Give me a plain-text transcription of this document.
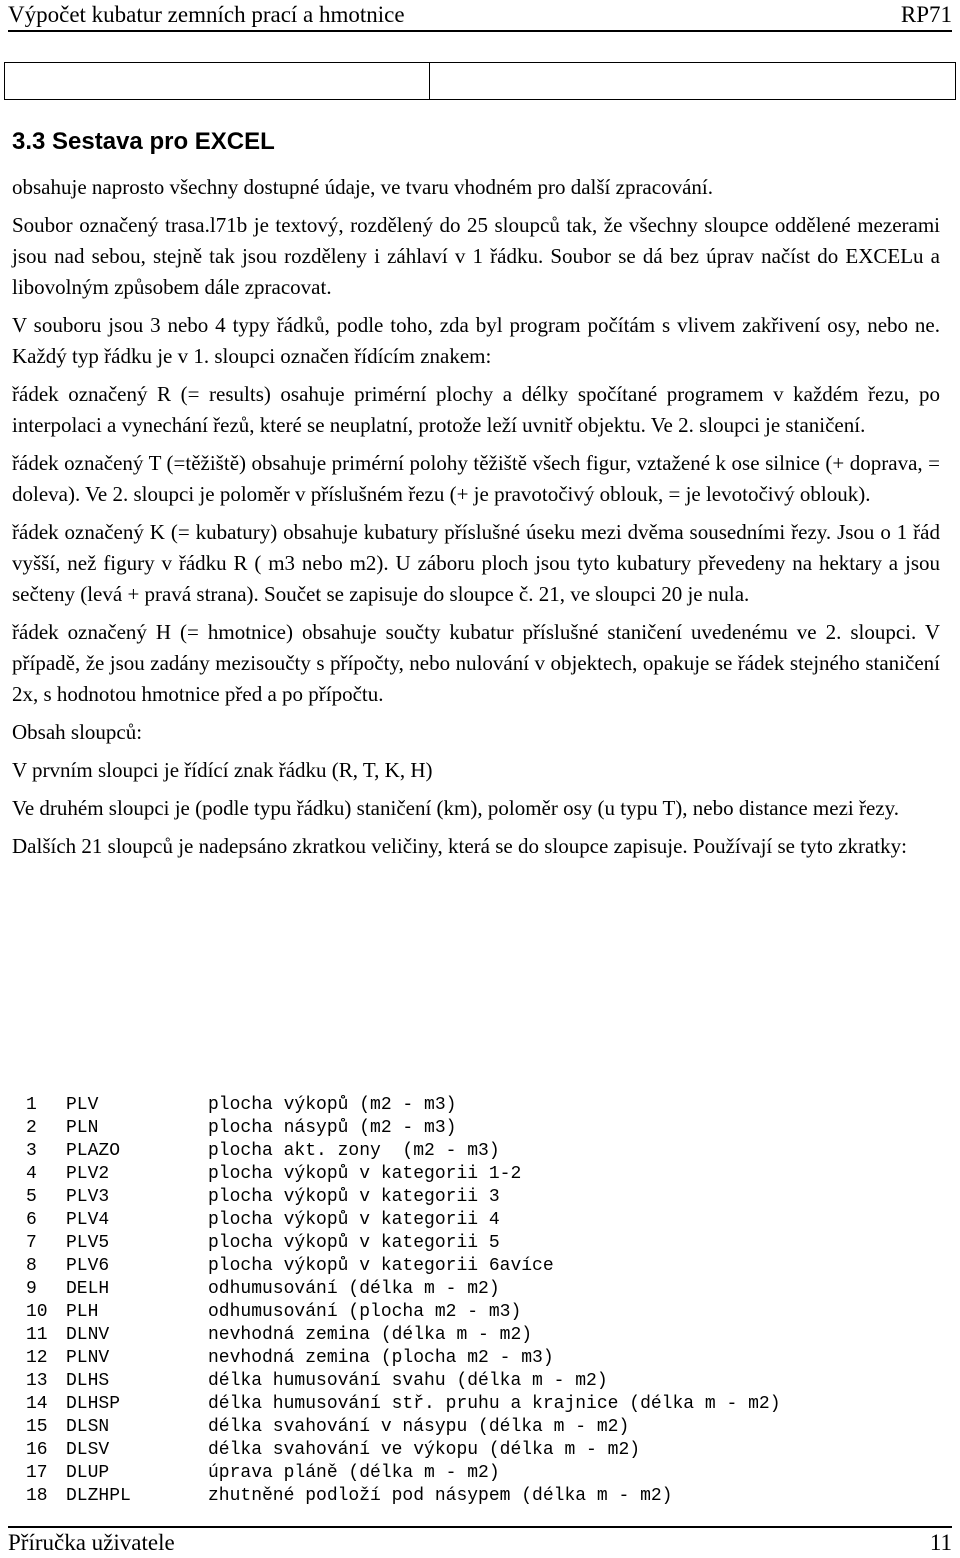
Výpočet kubatur zemních prací a hmotnice	RP71
3.3 Sestava pro EXCEL

obsahuje naprosto všechny dostupné údaje, ve tvaru vhodném pro další zpracování.

Soubor označený trasa.l71b je textový, rozdělený do 25 sloupců tak, že všechny sloupce oddělené mezerami jsou nad sebou, stejně tak jsou rozděleny i záhlaví v 1 řádku. Soubor se dá bez úprav načíst do EXCELu a libovolným způsobem dále zpracovat.

V souboru jsou 3 nebo 4 typy řádků, podle toho, zda byl program počítám s vlivem zakřivení osy, nebo ne. Každý typ řádku je v 1. sloupci označen řídícím znakem:

řádek označený R (= results) osahuje primérní plochy a délky spočítané programem v každém řezu, po interpolaci a vynechání řezů, které se neuplatní, protože leží uvnitř objektu. Ve 2. sloupci je staničení.

řádek označený T (=těžiště) obsahuje primérní polohy těžiště všech figur, vztažené k ose silnice (+ doprava, = doleva). Ve 2. sloupci je poloměr v příslušném řezu (+ je pravotočivý oblouk, = je levotočivý oblouk).

řádek označený K (= kubatury) obsahuje kubatury příslušné úseku mezi dvěma sousedními řezy. Jsou o 1 řád vyšší, než figury v řádku R ( m3 nebo m2). U záboru ploch jsou tyto kubatury převedeny na hektary a jsou sečteny (levá + pravá strana). Součet se zapisuje do sloupce č. 21, ve sloupci 20 je nula.

řádek označený H (= hmotnice) obsahuje součty kubatur příslušné staničení uvedenému ve 2. sloupci. V případě, že jsou zadány mezisoučty s přípočty, nebo nulování v objektech, opakuje se řádek stejného staničení 2x, s hodnotou hmotnice před a po přípočtu.

Obsah sloupců:

V prvním sloupci je řídící znak řádku (R, T, K, H)

Ve druhém sloupci je (podle typu řádku) staničení (km), poloměr osy (u typu T), nebo distance mezi řezy.

Dalších 21 sloupců je nadepsáno zkratkou veličiny, která se do sloupce zapisuje. Používají se tyto zkratky:

1	PLV	plocha výkopů (m2 - m3)
2	PLN	plocha násypů (m2 - m3)
3	PLAZO	plocha akt. zony  (m2 - m3)
4	PLV2	plocha výkopů v kategorii 1-2
5	PLV3	plocha výkopů v kategorii 3
6	PLV4	plocha výkopů v kategorii 4
7	PLV5	plocha výkopů v kategorii 5
8	PLV6	plocha výkopů v kategorii 6avíce
9	DELH	odhumusování (délka m - m2)
10	PLH	odhumusování (plocha m2 - m3)
11	DLNV	nevhodná zemina (délka m - m2)
12	PLNV	nevhodná zemina (plocha m2 - m3)
13	DLHS	délka humusování svahu (délka m - m2)
14	DLHSP	délka humusování stř. pruhu a krajnice (délka m - m2)
15	DLSN	délka svahování v násypu (délka m - m2)
16	DLSV	délka svahování ve výkopu (délka m - m2)
17	DLUP	úprava pláně (délka m - m2)
18	DLZHPL	zhutněné podloží pod násypem (délka m - m2)
Příručka uživatele	11
